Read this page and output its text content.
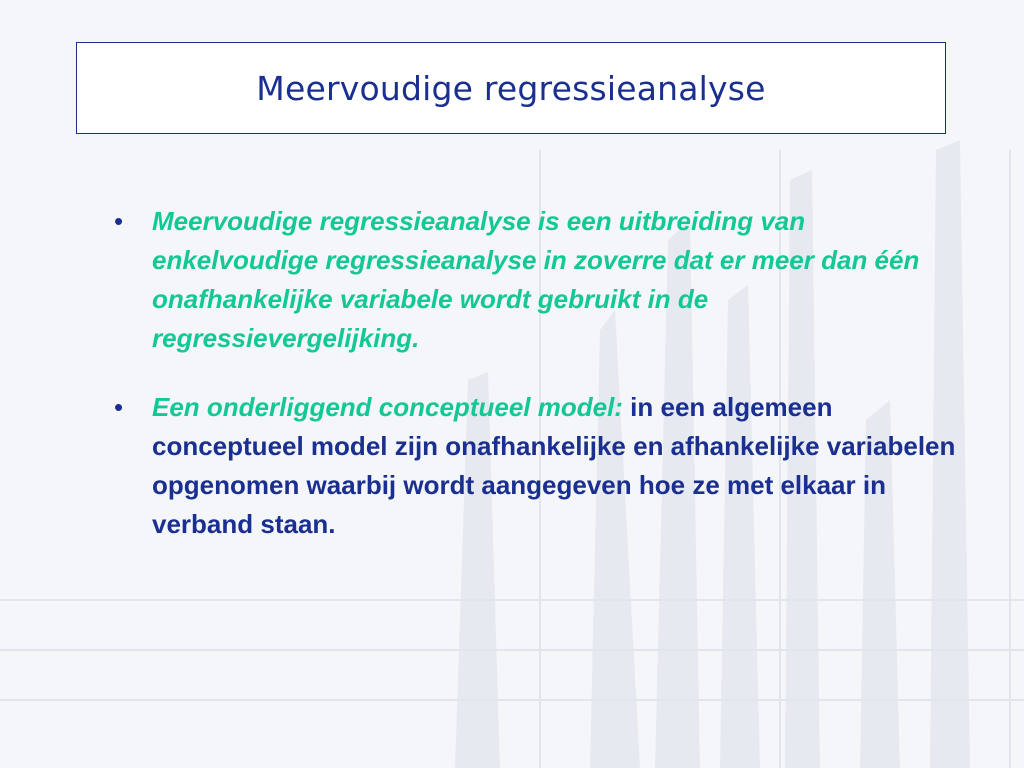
Meervoudige regressieanalyse
• Meervoudige regressieanalyse is een uitbreiding van enkelvoudige regressieanalyse in zoverre dat er meer dan één onafhankelijke variabele wordt gebruikt in de regressievergelijking.
• Een onderliggend conceptueel model: in een algemeen conceptueel model zijn onafhankelijke en afhankelijke variabelen opgenomen waarbij wordt aangegeven hoe ze met elkaar in verband staan.
